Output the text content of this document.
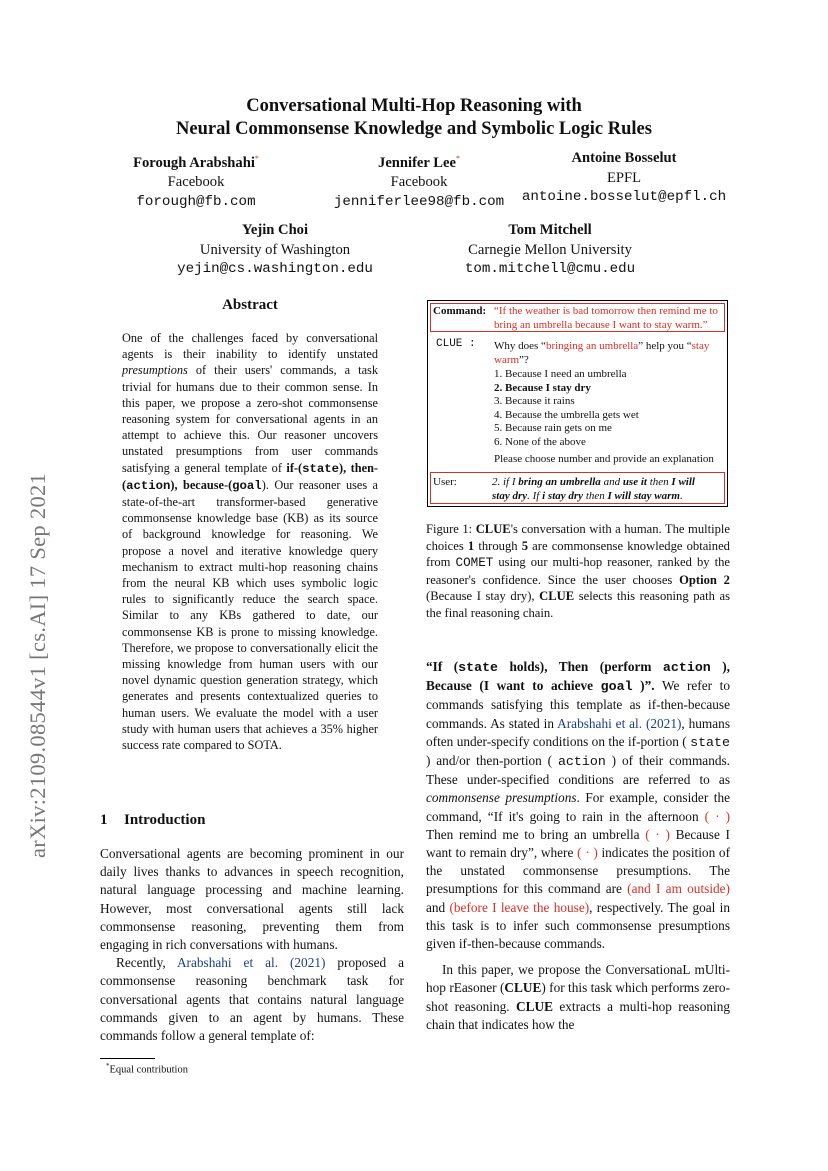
Conversational Multi-Hop Reasoning with
Neural Commonsense Knowledge and Symbolic Logic Rules
Forough Arabshahi*
Facebook
forough@fb.com
Jennifer Lee*
Facebook
jenniferlee98@fb.com
Antoine Bosselut
EPFL
antoine.bosselut@epfl.ch
Yejin Choi
University of Washington
yejin@cs.washington.edu
Tom Mitchell
Carnegie Mellon University
tom.mitchell@cmu.edu
arXiv:2109.08544v1 [cs.AI] 17 Sep 2021
Abstract

One of the challenges faced by conversational agents is their inability to identify unstated presumptions of their users' commands, a task trivial for humans due to their common sense. In this paper, we propose a zero-shot commonsense reasoning system for conversational agents in an attempt to achieve this. Our reasoner uncovers unstated presumptions from user commands satisfying a general template of if-(state), then-(action), because-(goal). Our reasoner uses a state-of-the-art transformer-based generative commonsense knowledge base (KB) as its source of background knowledge for reasoning. We propose a novel and iterative knowledge query mechanism to extract multi-hop reasoning chains from the neural KB which uses symbolic logic rules to significantly reduce the search space. Similar to any KBs gathered to date, our commonsense KB is prone to missing knowledge. Therefore, we propose to conversationally elicit the missing knowledge from human users with our novel dynamic question generation strategy, which generates and presents contextualized queries to human users. We evaluate the model with a user study with human users that achieves a 35% higher success rate compared to SOTA.

1 Introduction

Conversational agents are becoming prominent in our daily lives thanks to advances in speech recognition, natural language processing and machine learning. However, most conversational agents still lack commonsense reasoning, preventing them from engaging in rich conversations with humans.

Recently, Arabshahi et al. (2021) proposed a commonsense reasoning benchmark task for conversational agents that contains natural language commands given to an agent by humans. These commands follow a general template of:

*Equal contribution
Command: “If the weather is bad tomorrow then remind me to
bring an umbrella because I want to stay warm.”
CLUE : Why does “bringing an umbrella” help you “stay
warm”?
1. Because I need an umbrella
2. Because I stay dry
3. Because it rains
4. Because the umbrella gets wet
5. Because rain gets on me
6. None of the above
Please choose number and provide an explanation
User:	2. if I bring an umbrella and use it then I will
stay dry. If i stay dry then I will stay warm.
Figure 1: CLUE's conversation with a human. The multiple choices 1 through 5 are commonsense knowledge obtained from COMET using our multi-hop reasoner, ranked by the reasoner's confidence. Since the user chooses Option 2 (Because I stay dry), CLUE selects this reasoning path as the final reasoning chain.

“If (state holds), Then (perform action ), Because (I want to achieve goal )”. We refer to commands satisfying this template as if-then-because commands. As stated in Arabshahi et al. (2021), humans often under-specify conditions on the if-portion ( state ) and/or then-portion ( action ) of their commands. These under-specified conditions are referred to as commonsense presumptions. For example, consider the command, “If it's going to rain in the afternoon ( · ) Then remind me to bring an umbrella ( · ) Because I want to remain dry”, where ( · ) indicates the position of the unstated commonsense presumptions. The presumptions for this command are (and I am outside) and (before I leave the house), respectively. The goal in this task is to infer such commonsense presumptions given if-then-because commands.

In this paper, we propose the ConversationaL mUlti-hop rEasoner (CLUE) for this task which performs zero-shot reasoning. CLUE extracts a multi-hop reasoning chain that indicates how the
